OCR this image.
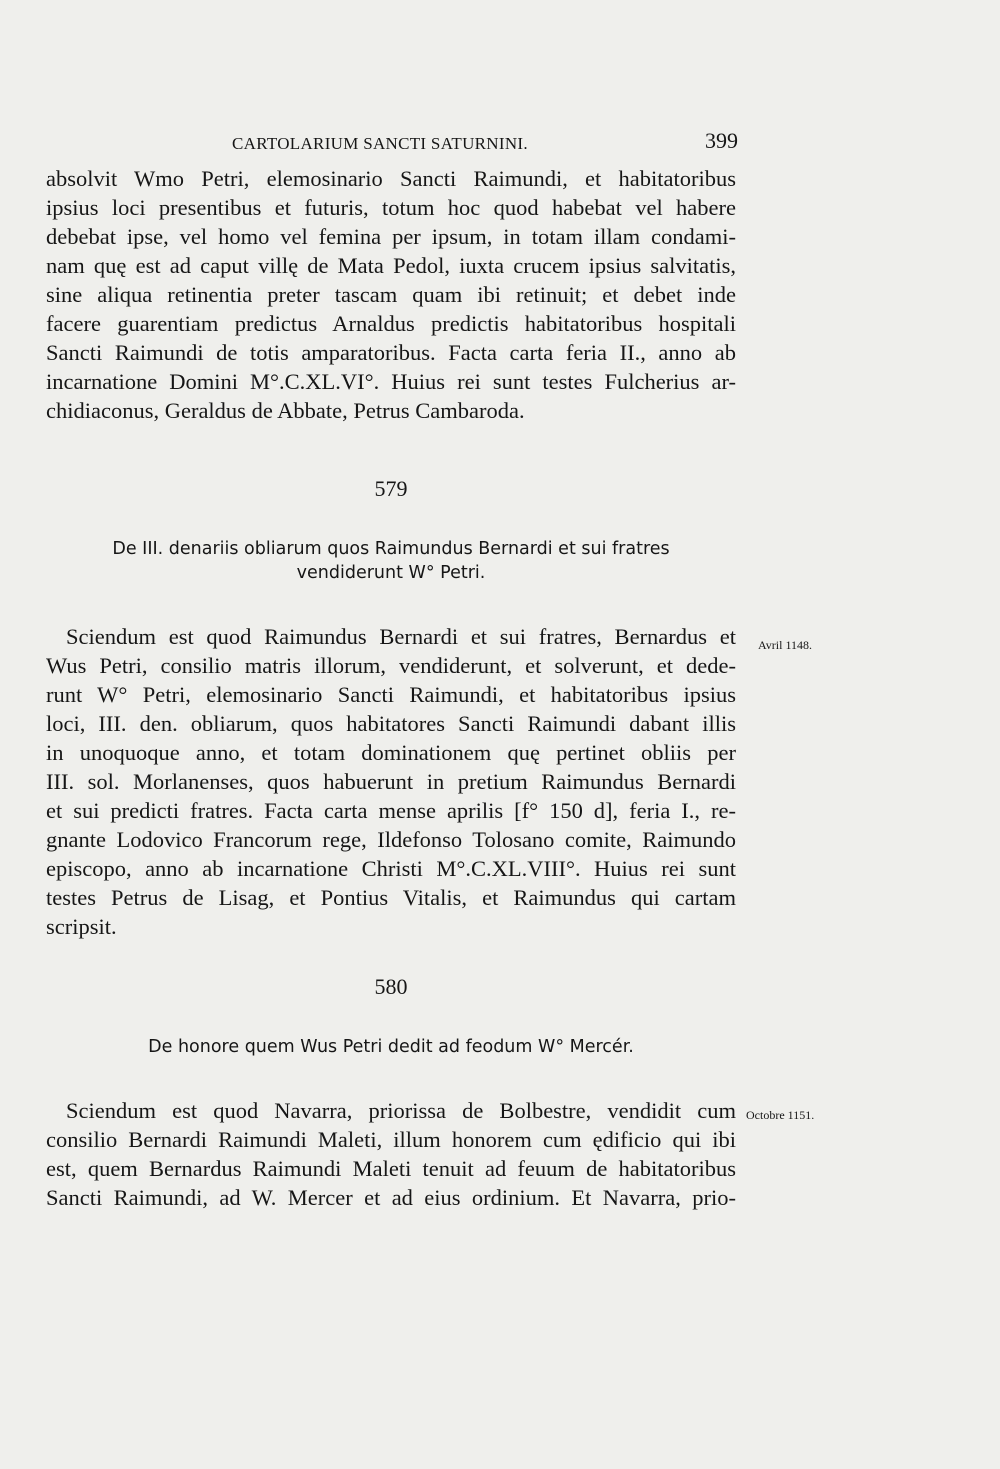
CARTOLARIUM SANCTI SATURNINI.	399
absolvit Wmo Petri, elemosinario Sancti Raimundi, et habitatoribus
ipsius loci presentibus et futuris, totum hoc quod habebat vel habere
debebat ipse, vel homo vel femina per ipsum, in totam illam condami-
nam quę est ad caput villę de Mata Pedol, iuxta crucem ipsius salvitatis,
sine aliqua retinentia preter tascam quam ibi retinuit; et debet inde
facere guarentiam predictus Arnaldus predictis habitatoribus hospitali
Sancti Raimundi de totis amparatoribus. Facta carta feria II., anno ab
incarnatione Domini M°.C.XL.VI°. Huius rei sunt testes Fulcherius ar-
chidiaconus, Geraldus de Abbate, Petrus Cambaroda.
579
De III. denariis obliarum quos Raimundus Bernardi et sui fratres
vendiderunt W° Petri.
Avril 1148.
Sciendum est quod Raimundus Bernardi et sui fratres, Bernardus et
Wus Petri, consilio matris illorum, vendiderunt, et solverunt, et dede-
runt W° Petri, elemosinario Sancti Raimundi, et habitatoribus ipsius
loci, III. den. obliarum, quos habitatores Sancti Raimundi dabant illis
in unoquoque anno, et totam dominationem quę pertinet obliis per
III. sol. Morlanenses, quos habuerunt in pretium Raimundus Bernardi
et sui predicti fratres. Facta carta mense aprilis [f° 150 d], feria I., re-
gnante Lodovico Francorum rege, Ildefonso Tolosano comite, Raimundo
episcopo, anno ab incarnatione Christi M°.C.XL.VIII°. Huius rei sunt
testes Petrus de Lisag, et Pontius Vitalis, et Raimundus qui cartam
scripsit.
580
De honore quem Wus Petri dedit ad feodum W° Mercér.
Octobre 1151.
Sciendum est quod Navarra, priorissa de Bolbestre, vendidit cum
consilio Bernardi Raimundi Maleti, illum honorem cum ędificio qui ibi
est, quem Bernardus Raimundi Maleti tenuit ad feuum de habitatoribus
Sancti Raimundi, ad W. Mercer et ad eius ordinium. Et Navarra, prio-
